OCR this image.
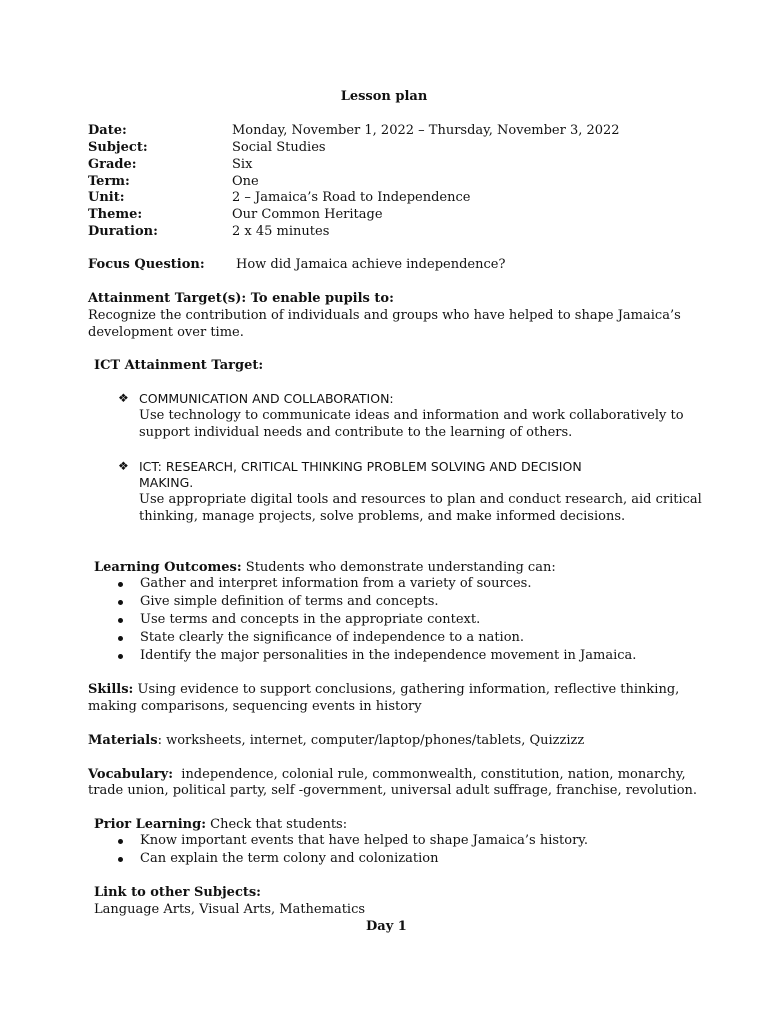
Lesson plan
Date:	Monday, November 1, 2022 – Thursday, November 3, 2022
Subject:	Social Studies
Grade:	Six
Term:	One
Unit:	2 – Jamaica’s Road to Independence
Theme:	Our Common Heritage
Duration:	2 x 45 minutes
Focus Question: How did Jamaica achieve independence?
Attainment Target(s): To enable pupils to:
Recognize the contribution of individuals and groups who have helped to shape Jamaica’s
development over time.
ICT Attainment Target:
❖ COMMUNICATION AND COLLABORATION:
Use technology to communicate ideas and information and work collaboratively to
support individual needs and contribute to the learning of others.
❖ ICT: RESEARCH, CRITICAL THINKING PROBLEM SOLVING AND DECISION
MAKING.
Use appropriate digital tools and resources to plan and conduct research, aid critical
thinking, manage projects, solve problems, and make informed decisions.
Learning Outcomes: Students who demonstrate understanding can:
Gather and interpret information from a variety of sources.
Give simple definition of terms and concepts.
Use terms and concepts in the appropriate context.
State clearly the significance of independence to a nation.
Identify the major personalities in the independence movement in Jamaica.
Skills: Using evidence to support conclusions, gathering information, reflective thinking,
making comparisons, sequencing events in history
Materials: worksheets, internet, computer/laptop/phones/tablets, Quizzizz
Vocabulary: independence, colonial rule, commonwealth, constitution, nation, monarchy,
trade union, political party, self -government, universal adult suffrage, franchise, revolution.
Prior Learning: Check that students:
Know important events that have helped to shape Jamaica’s history.
Can explain the term colony and colonization
Link to other Subjects:
Language Arts, Visual Arts, Mathematics
Day 1
